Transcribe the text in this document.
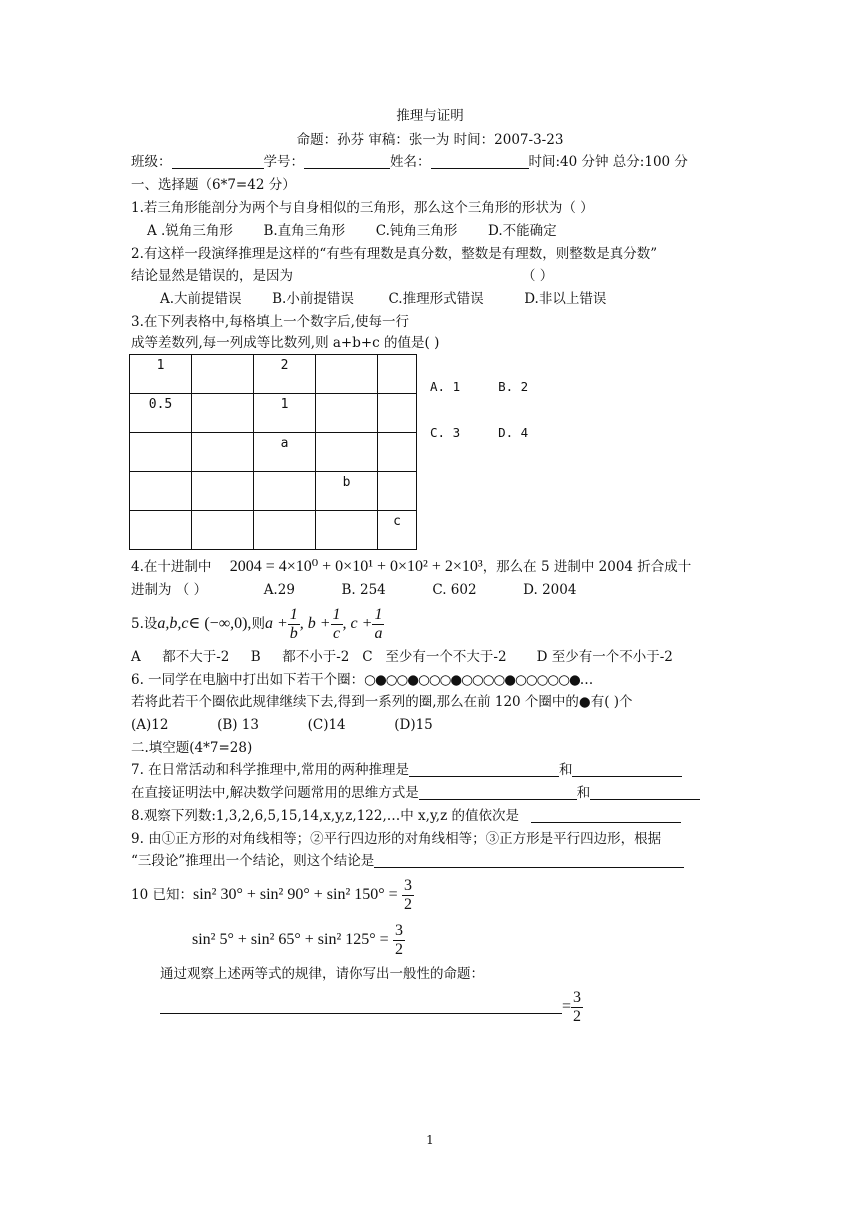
推理与证明
命题：孙芬 审稿：张一为 时间：2007-3-23
班级：	学号：	姓名：	时间:40 分钟 总分:100 分
一、选择题（6*7=42 分）
1.若三角形能剖分为两个与自身相似的三角形，那么这个三角形的形状为（ ）
A .锐角三角形 B.直角三角形 C.钝角三角形 D.不能确定
2.有这样一段演绎推理是这样的“有些有理数是真分数，整数是有理数，则整数是真分数”
结论显然是错误的，是因为	（ ）
A.大前提错误 B.小前提错误	C.推理形式错误	D.非以上错误
3.在下列表格中,每格填上一个数字后,使每一行
成等差数列,每一列成等比数列,则 a+b+c 的值是( )
1		2		
0.5		1		
		a		
			b	
				c
A. 1	B. 2
C. 3	D. 4
4.在十进制中 2004 = 4×10⁰ + 0×10¹ + 0×10² + 2×10³，那么在 5 进制中 2004 折合成十
进制为 （ ）	A.29	B. 254	C. 602	D. 2004
5.设a,b,c∈ (−∞,0),则$a + \frac{1}{b}$ , $b + \frac{1}{c}$ , $c + \frac{1}{a}$
A     都不大于-2     B     都不小于-2   C   至少有一个不大于-2       D 至少有一个不小于-2
6. 一同学在电脑中打出如下若干个圈：○●○○●○○○●○○○○●○○○○○●…
若将此若干个圈依此规律继续下去,得到一系列的圈,那么在前 120 个圈中的●有( )个
(A)12	(B) 13	(C)14	(D)15
二.填空题(4*7=28)
7. 在日常活动和科学推理中,常用的两种推理是	和
在直接证明法中,解决数学问题常用的思维方式是	和
8.观察下列数:1,3,2,6,5,15,14,x,y,z,122,…中 x,y,z 的值依次是
9. 由①正方形的对角线相等；②平行四边形的对角线相等；③正方形是平行四边形，根据
“三段论”推理出一个结论，则这个结论是
10 已知：sin² 30° + sin² 90° + sin² $150^\circ = \frac{3}{2}$
sin² 5° + sin² 65° + sin² $125^\circ = \frac{3}{2}$
通过观察上述两等式的规律，请你写出一般性的命题：
= $\frac{3}{2}$
1
